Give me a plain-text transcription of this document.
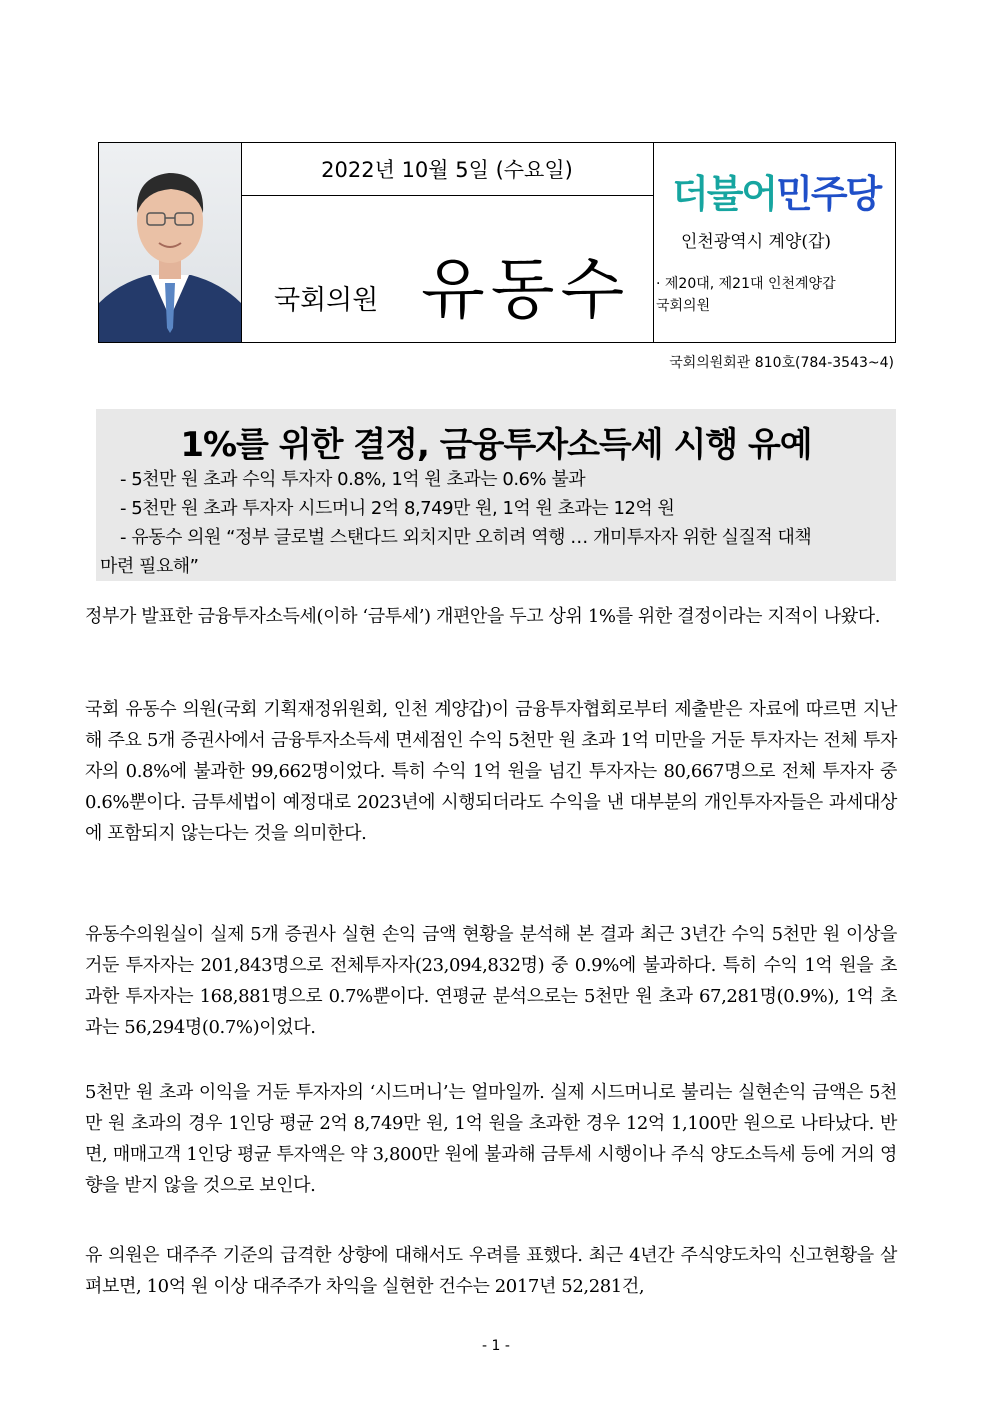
2022년 10월 5일 (수요일)
국회의원 유동수
더불어민주당
인천광역시 계양(갑)
· 제20대, 제21대 인천계양갑
국회의원
국회의원회관 810호(784-3543~4)
1%를 위한 결정, 금융투자소득세 시행 유예
- 5천만 원 초과 수익 투자자 0.8%, 1억 원 초과는 0.6% 불과
- 5천만 원 초과 투자자 시드머니 2억 8,749만 원, 1억 원 초과는 12억 원
- 유동수 의원 “정부 글로벌 스탠다드 외치지만 오히려 역행 … 개미투자자 위한 실질적 대책
마련 필요해”

정부가 발표한 금융투자소득세(이하 ‘금투세’) 개편안을 두고 상위 1%를 위한 결정이라는 지적이 나왔다.

국회 유동수 의원(국회 기획재정위원회, 인천 계양갑)이 금융투자협회로부터 제출받은 자료에 따르면 지난해 주요 5개 증권사에서 금융투자소득세 면세점인 수익 5천만 원 초과 1억 미만을 거둔 투자자는 전체 투자자의 0.8%에 불과한 99,662명이었다. 특히 수익 1억 원을 넘긴 투자자는 80,667명으로 전체 투자자 중 0.6%뿐이다. 금투세법이 예정대로 2023년에 시행되더라도 수익을 낸 대부분의 개인투자자들은 과세대상에 포함되지 않는다는 것을 의미한다.

유동수의원실이 실제 5개 증권사 실현 손익 금액 현황을 분석해 본 결과 최근 3년간 수익 5천만 원 이상을 거둔 투자자는 201,843명으로 전체투자자(23,094,832명) 중 0.9%에 불과하다. 특히 수익 1억 원을 초과한 투자자는 168,881명으로 0.7%뿐이다. 연평균 분석으로는 5천만 원 초과 67,281명(0.9%), 1억 초과는 56,294명(0.7%)이었다.

5천만 원 초과 이익을 거둔 투자자의 ‘시드머니’는 얼마일까. 실제 시드머니로 불리는 실현손익 금액은 5천만 원 초과의 경우 1인당 평균 2억 8,749만 원, 1억 원을 초과한 경우 12억 1,100만 원으로 나타났다. 반면, 매매고객 1인당 평균 투자액은 약 3,800만 원에 불과해 금투세 시행이나 주식 양도소득세 등에 거의 영향을 받지 않을 것으로 보인다.

유 의원은 대주주 기준의 급격한 상향에 대해서도 우려를 표했다. 최근 4년간 주식양도차익 신고현황을 살펴보면, 10억 원 이상 대주주가 차익을 실현한 건수는 2017년 52,281건,

- 1 -
